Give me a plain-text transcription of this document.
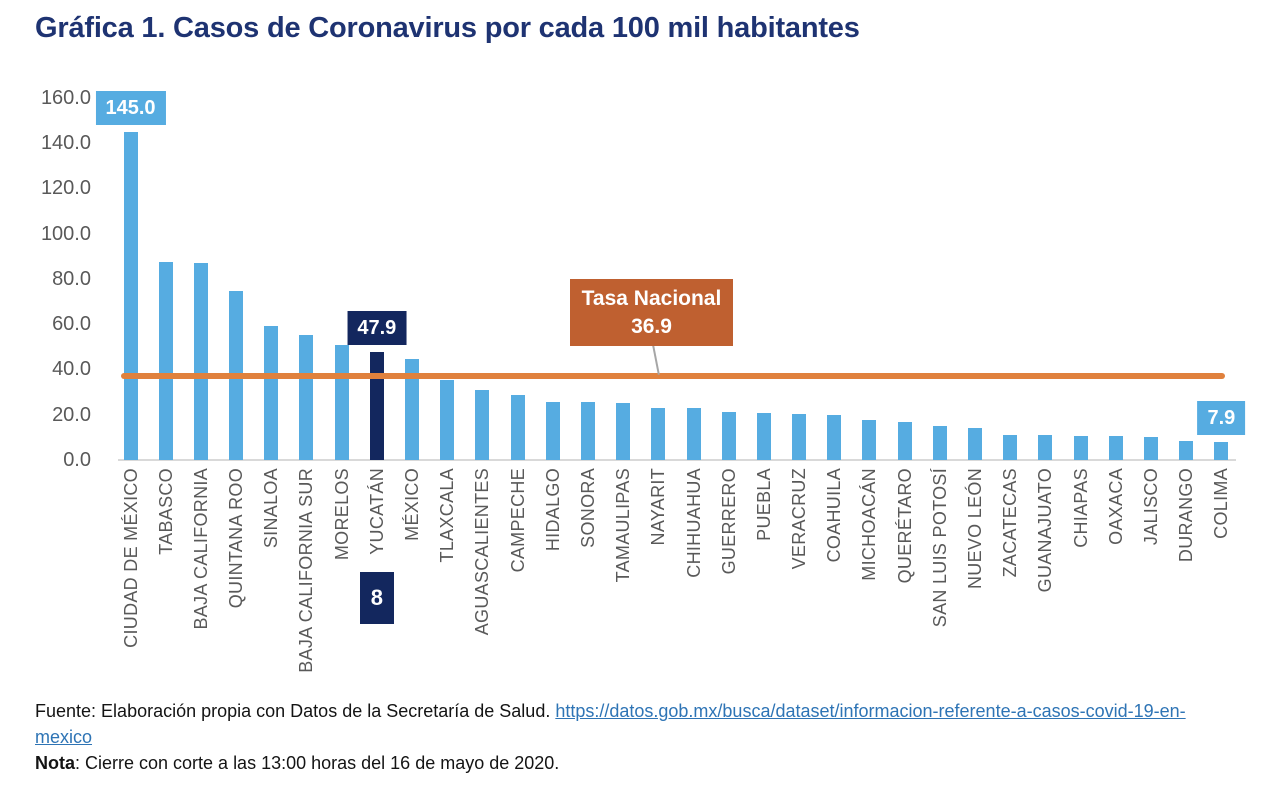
Gráfica 1. Casos de Coronavirus por cada 100 mil habitantes
Tasa Nacional
36.9
0.0
20.0
40.0
60.0
80.0
100.0
120.0
140.0
160.0
CIUDAD DE MÉXICO TABASCO BAJA CALIFORNIA QUINTANA ROO SINALOA BAJA CALIFORNIA SUR MORELOS YUCATÁN MÉXICO TLAXCALA AGUASCALIENTES CAMPECHE HIDALGO SONORA TAMAULIPAS NAYARIT CHIHUAHUA GUERRERO PUEBLA VERACRUZ COAHUILA MICHOACÁN QUERÉTARO SAN LUIS POTOSÍ NUEVO LEÓN ZACATECAS GUANAJUATO CHIAPAS OAXACA JALISCO DURANGO COLIMA
145.0
47.9
7.9
8

Fuente: Elaboración propia con Datos de la Secretaría de Salud. https://datos.gob.mx/busca/dataset/informacion-referente-a-casos-covid-19-en-
mexico

Nota: Cierre con corte a las 13:00 horas del 16 de mayo de 2020.
